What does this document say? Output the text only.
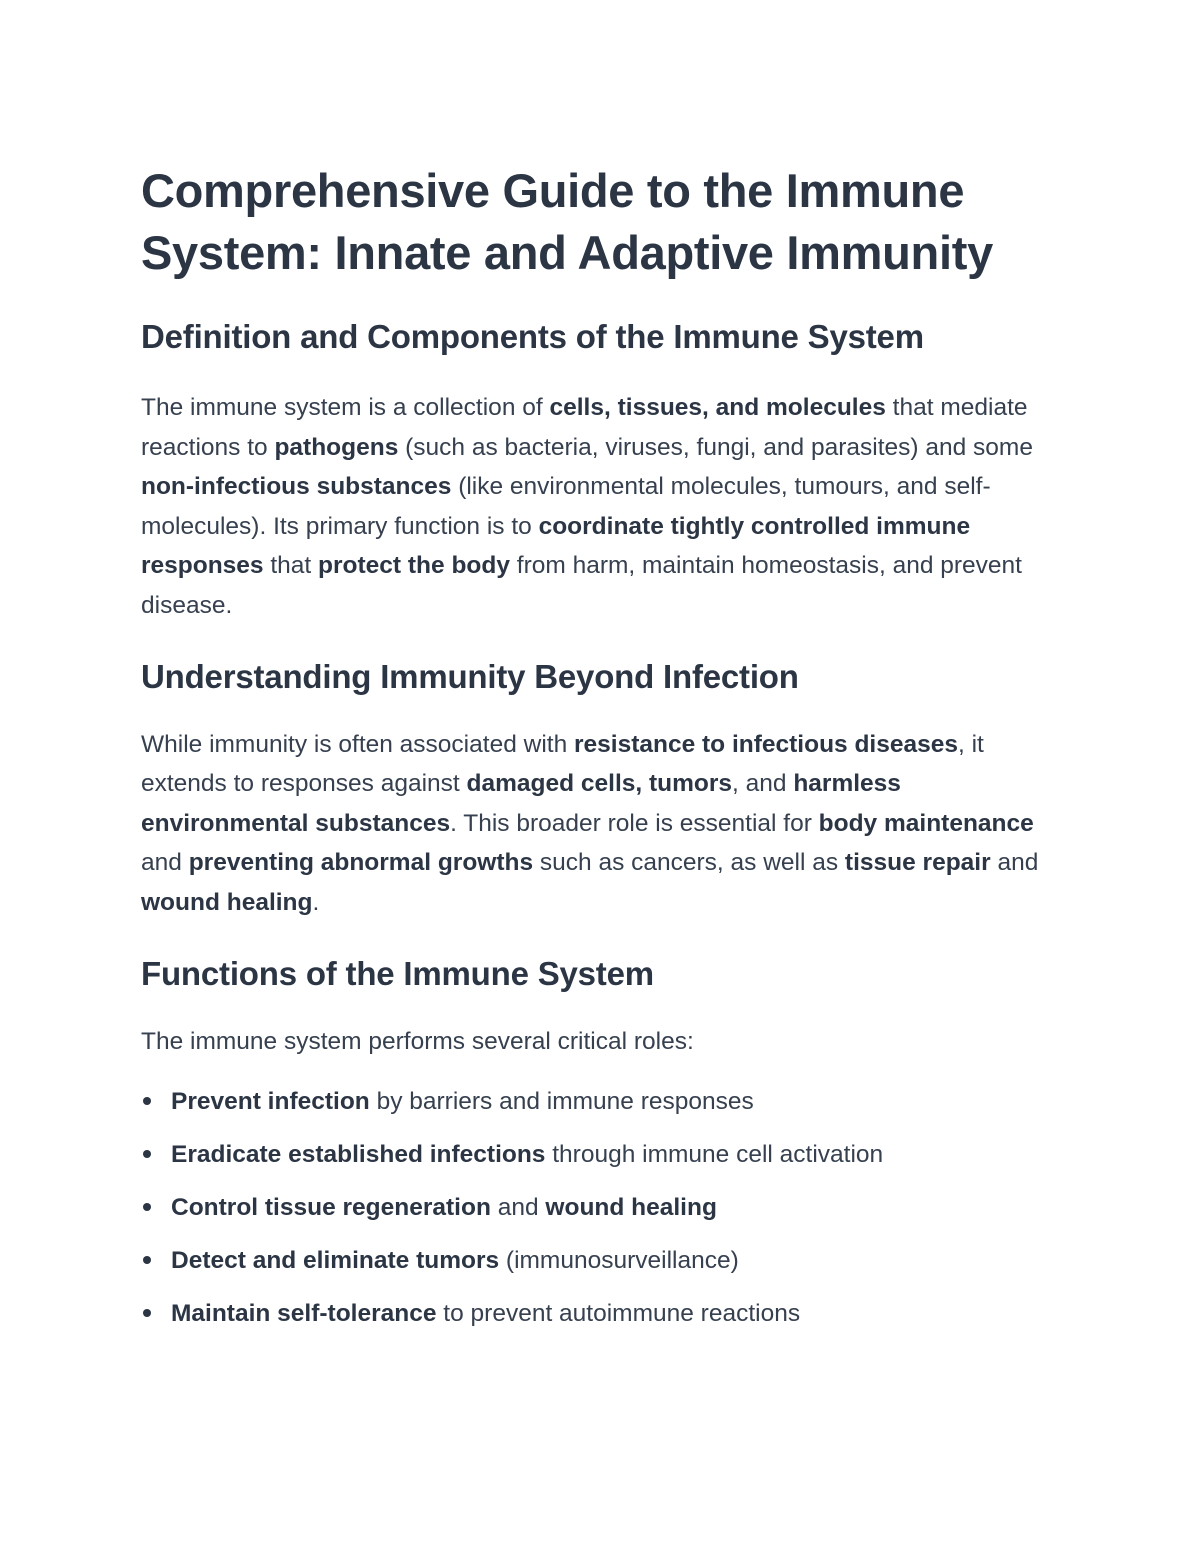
Comprehensive Guide to the Immune System: Innate and Adaptive Immunity
Definition and Components of the Immune System

The immune system is a collection of cells, tissues, and molecules that mediate reactions to pathogens (such as bacteria, viruses, fungi, and parasites) and some non-infectious substances (like environmental molecules, tumours, and self-molecules). Its primary function is to coordinate tightly controlled immune responses that protect the body from harm, maintain homeostasis, and prevent disease.

Understanding Immunity Beyond Infection

While immunity is often associated with resistance to infectious diseases, it extends to responses against damaged cells, tumors, and harmless environmental substances. This broader role is essential for body maintenance and preventing abnormal growths such as cancers, as well as tissue repair and wound healing.

Functions of the Immune System

The immune system performs several critical roles:

Prevent infection by barriers and immune responses
Eradicate established infections through immune cell activation
Control tissue regeneration and wound healing
Detect and eliminate tumors (immunosurveillance)
Maintain self-tolerance to prevent autoimmune reactions
